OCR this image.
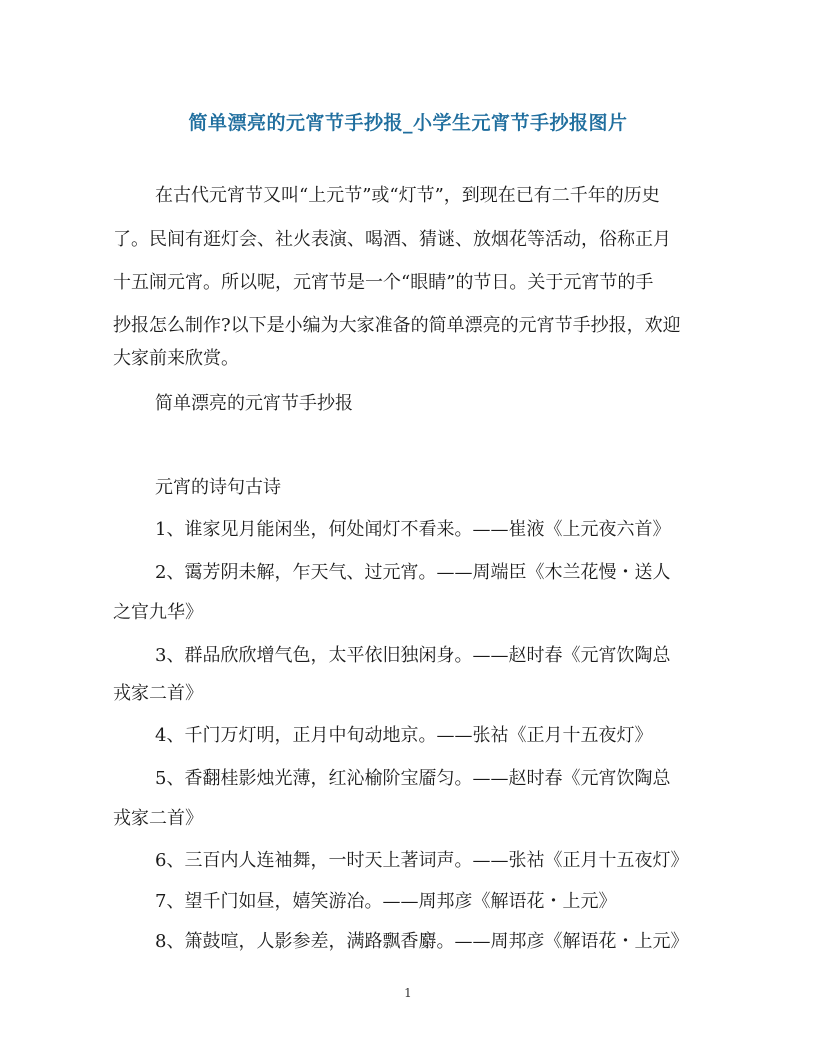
简单漂亮的元宵节手抄报_小学生元宵节手抄报图片
在古代元宵节又叫“上元节”或“灯节”，到现在已有二千年的历史
了。民间有逛灯会、社火表演、喝酒、猜谜、放烟花等活动，俗称正月
十五闹元宵。所以呢，元宵节是一个“眼睛”的节日。关于元宵节的手
抄报怎么制作?以下是小编为大家准备的简单漂亮的元宵节手抄报，欢迎
大家前来欣赏。
简单漂亮的元宵节手抄报
元宵的诗句古诗
1、谁家见月能闲坐，何处闻灯不看来。——崔液《上元夜六首》
2、霭芳阴未解，乍天气、过元宵。——周端臣《木兰花慢・送人
之官九华》
3、群品欣欣增气色，太平依旧独闲身。——赵时春《元宵饮陶总
戎家二首》
4、千门万灯明，正月中旬动地京。——张祜《正月十五夜灯》
5、香翻桂影烛光薄，红沁榆阶宝靥匀。——赵时春《元宵饮陶总
戎家二首》
6、三百内人连袖舞，一时天上著词声。——张祜《正月十五夜灯》
7、望千门如昼，嬉笑游冶。——周邦彦《解语花・上元》
8、箫鼓喧，人影参差，满路飘香麝。——周邦彦《解语花・上元》
1
